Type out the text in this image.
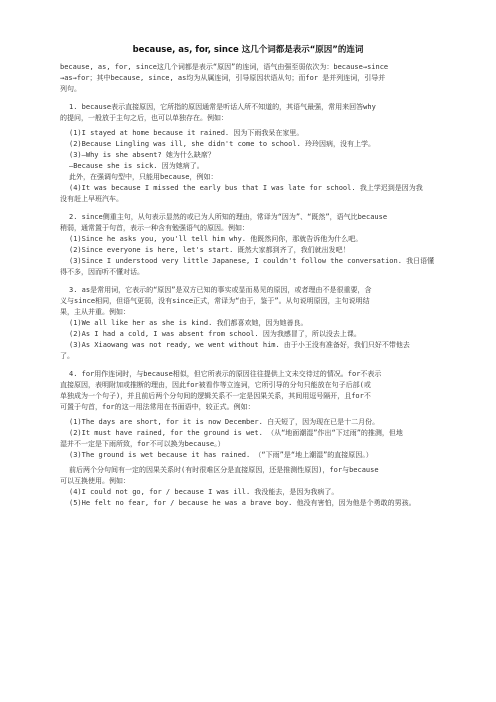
because, as, for, since 这几个词都是表示“原因”的连词
because, as, for, since这几个词都是表示“原因”的连词，语气由强至弱依次为：because→since
→as→for；其中because, since, as均为从属连词，引导原因状语从句；而for 是并列连词，引导并
列句。
1. because表示直接原因，它所指的原因通常是听话人所不知道的，其语气最强，常用来回答why
的提问，一般放于主句之后，也可以单独存在。例如：
(1)I stayed at home because it rained. 因为下雨我呆在家里。
(2)Because Lingling was ill, she didn't come to school. 玲玲因病，没有上学。
(3)—Why is she absent? 她为什么缺席？
—Because she is sick. 因为她病了。
此外，在强调句型中，只能用because，例如：
(4)It was because I missed the early bus that I was late for school. 我上学迟到是因为我
没有赶上早班汽车。
2. since侧重主句，从句表示显然的或已为人所知的理由，常译为“因为”、“既然”，语气比because
稍弱，通常置于句首，表示一种含有勉强语气的原因。例如：
(1)Since he asks you, you'll tell him why. 他既然问你，那就告诉他为什么吧。
(2)Since everyone is here, let's start. 既然大家都到齐了，我们就出发吧！
(3)Since I understood very little Japanese, I couldn't follow the conversation. 我日语懂
得不多，因而听不懂对话。
3. as是常用词，它表示的“原因”是双方已知的事实或显而易见的原因，或者理由不是很重要，含
义与since相同，但语气更弱，没有since正式，常译为“由于，鉴于”。从句说明原因，主句说明结
果，主从并重。例如：
(1)We all like her as she is kind. 我们都喜欢她，因为她善良。
(2)As I had a cold, I was absent from school. 因为我感冒了，所以没去上课。
(3)As Xiaowang was not ready, we went without him. 由于小王没有准备好，我们只好不带他去
了。
4. for用作连词时，与because相似，但它所表示的原因往往提供上文未交待过的情况。for不表示
直接原因，表明附加或推断的理由，因此for被看作等立连词，它所引导的分句只能放在句子后部(或
单独成为一个句子)，并且前后两个分句间的逻辑关系不一定是因果关系，其间用逗号隔开，且for不
可置于句首，for的这一用法常用在书面语中，较正式。例如：
(1)The days are short, for it is now December. 白天短了，因为现在已是十二月份。
(2)It must have rained, for the ground is wet. （从“地面潮湿”作出“下过雨”的推测，但地
湿并不一定是下雨所致，for不可以换为because。）
(3)The ground is wet because it has rained. （“下雨”是“地上潮湿”的直接原因。）
前后两个分句间有一定的因果关系时(有时很难区分是直接原因，还是推测性原因)，for与because
可以互换使用。例如：
(4)I could not go, for / because I was ill. 我没能去，是因为我病了。
(5)He felt no fear, for / because he was a brave boy. 他没有害怕，因为他是个勇敢的男孩。
